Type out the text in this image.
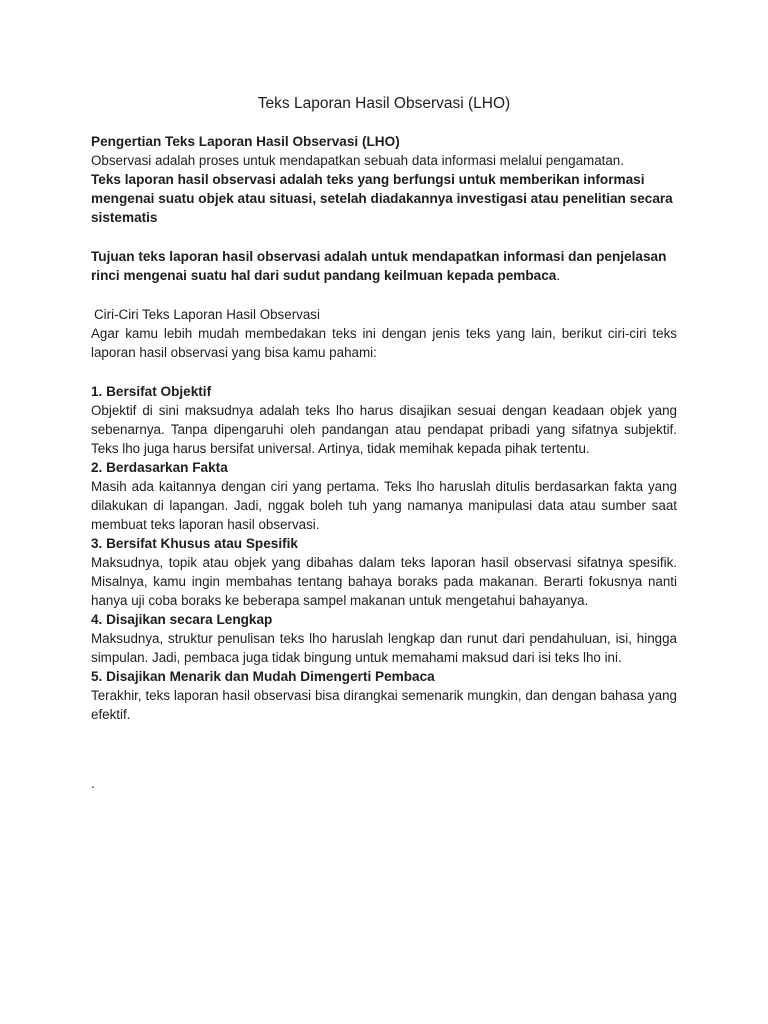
Teks Laporan Hasil Observasi (LHO)
Pengertian Teks Laporan Hasil Observasi (LHO)

Observasi adalah proses untuk mendapatkan sebuah data informasi melalui pengamatan.

Teks laporan hasil observasi adalah teks yang berfungsi untuk memberikan informasi mengenai suatu objek atau situasi, setelah diadakannya investigasi atau penelitian secara sistematis

Tujuan teks laporan hasil observasi adalah untuk mendapatkan informasi dan penjelasan rinci mengenai suatu hal dari sudut pandang keilmuan kepada pembaca.

Ciri-Ciri Teks Laporan Hasil Observasi

Agar kamu lebih mudah membedakan teks ini dengan jenis teks yang lain, berikut ciri-ciri teks laporan hasil observasi yang bisa kamu pahami:

1. Bersifat Objektif

Objektif di sini maksudnya adalah teks lho harus disajikan sesuai dengan keadaan objek yang sebenarnya. Tanpa dipengaruhi oleh pandangan atau pendapat pribadi yang sifatnya subjektif. Teks lho juga harus bersifat universal. Artinya, tidak memihak kepada pihak tertentu.

2. Berdasarkan Fakta

Masih ada kaitannya dengan ciri yang pertama. Teks lho haruslah ditulis berdasarkan fakta yang dilakukan di lapangan. Jadi, nggak boleh tuh yang namanya manipulasi data atau sumber saat membuat teks laporan hasil observasi.

3. Bersifat Khusus atau Spesifik

Maksudnya, topik atau objek yang dibahas dalam teks laporan hasil observasi sifatnya spesifik. Misalnya, kamu ingin membahas tentang bahaya boraks pada makanan. Berarti fokusnya nanti hanya uji coba boraks ke beberapa sampel makanan untuk mengetahui bahayanya.

4. Disajikan secara Lengkap

Maksudnya, struktur penulisan teks lho haruslah lengkap dan runut dari pendahuluan, isi, hingga simpulan. Jadi, pembaca juga tidak bingung untuk memahami maksud dari isi teks lho ini.

5. Disajikan Menarik dan Mudah Dimengerti Pembaca

Terakhir, teks laporan hasil observasi bisa dirangkai semenarik mungkin, dan dengan bahasa yang efektif.

.
